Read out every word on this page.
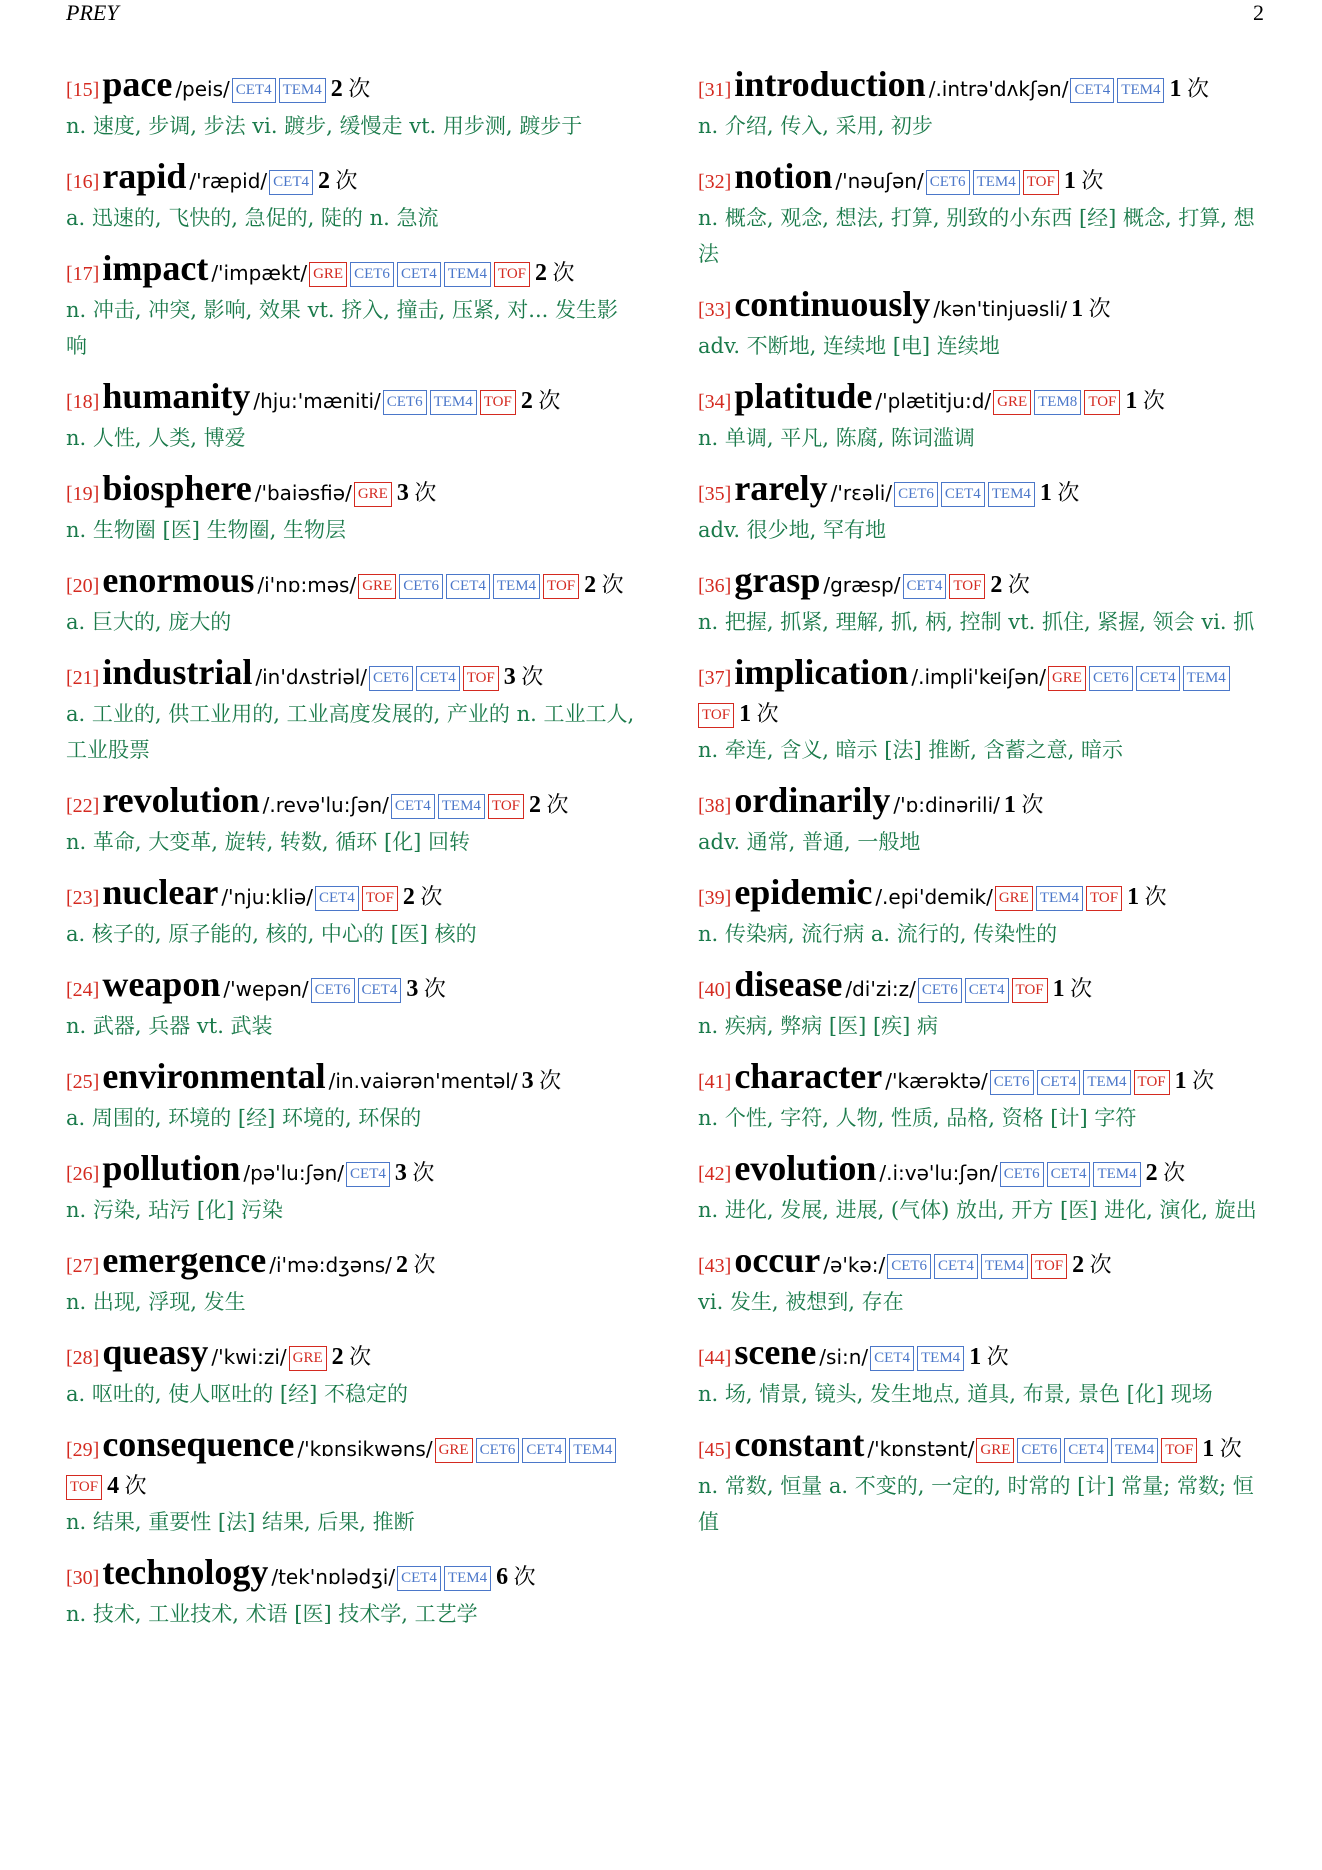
PREY	2
[15]pace /peis/ CET4 TEM4 2 次
n. 速度, 步调, 步法 vi. 踱步, 缓慢走 vt. 用步测, 踱步于
[16]rapid /'ræpid/ CET4 2 次
a. 迅速的, 飞快的, 急促的, 陡的 n. 急流
[17]impact /'impækt/ GRE CET6 CET4 TEM4 TOF 2 次
n. 冲击, 冲突, 影响, 效果 vt. 挤入, 撞击, 压紧, 对... 发生影响
[18]humanity /hju:'mæniti/ CET6 TEM4 TOF 2 次
n. 人性, 人类, 博爱
[19]biosphere /'baiəsfiə/ GRE 3 次
n. 生物圈 [医] 生物圈, 生物层
[20]enormous /i'nɒ:məs/ GRE CET6 CET4 TEM4 TOF 2 次
a. 巨大的, 庞大的
[21]industrial /in'dʌstriəl/ CET6 CET4 TOF 3 次
a. 工业的, 供工业用的, 工业高度发展的, 产业的 n. 工业工人, 工业股票
[22]revolution /.revə'lu:ʃən/ CET4 TEM4 TOF 2 次
n. 革命, 大变革, 旋转, 转数, 循环 [化] 回转
[23]nuclear /'nju:kliə/ CET4 TOF 2 次
a. 核子的, 原子能的, 核的, 中心的 [医] 核的
[24]weapon /'wepən/ CET6 CET4 3 次
n. 武器, 兵器 vt. 武装
[25]environmental /in.vaiərən'mentəl/ 3 次
a. 周围的, 环境的 [经] 环境的, 环保的
[26]pollution /pə'lu:ʃən/ CET4 3 次
n. 污染, 玷污 [化] 污染
[27]emergence /i'mə:dʒəns/ 2 次
n. 出现, 浮现, 发生
[28]queasy /'kwi:zi/ GRE 2 次
a. 呕吐的, 使人呕吐的 [经] 不稳定的
[29]consequence /'kɒnsikwəns/ GRE CET6 CET4 TEM4TOF 4 次
n. 结果, 重要性 [法] 结果, 后果, 推断
[30]technology /tek'nɒlədʒi/ CET4 TEM4 6 次
n. 技术, 工业技术, 术语 [医] 技术学, 工艺学
[31]introduction /.intrə'dʌkʃən/ CET4 TEM4 1 次
n. 介绍, 传入, 采用, 初步
[32]notion /'nəuʃən/ CET6 TEM4 TOF 1 次
n. 概念, 观念, 想法, 打算, 别致的小东西 [经] 概念, 打算, 想法
[33]continuously /kən'tinjuəsli/ 1 次
adv. 不断地, 连续地 [电] 连续地
[34]platitude /'plætitju:d/ GRE TEM8 TOF 1 次
n. 单调, 平凡, 陈腐, 陈词滥调
[35]rarely /'rɛəli/ CET6 CET4 TEM4 1 次
adv. 很少地, 罕有地
[36]grasp /græsp/ CET4 TOF 2 次
n. 把握, 抓紧, 理解, 抓, 柄, 控制 vt. 抓住, 紧握, 领会 vi. 抓
[37]implication /.impli'keiʃən/ GRE CET6 CET4 TEM4TOF 1 次
n. 牵连, 含义, 暗示 [法] 推断, 含蓄之意, 暗示
[38]ordinarily /'ɒ:dinərili/ 1 次
adv. 通常, 普通, 一般地
[39]epidemic /.epi'demik/ GRE TEM4 TOF 1 次
n. 传染病, 流行病 a. 流行的, 传染性的
[40]disease /di'zi:z/ CET6 CET4 TOF 1 次
n. 疾病, 弊病 [医] [疾] 病
[41]character /'kærəktə/ CET6 CET4 TEM4 TOF 1 次
n. 个性, 字符, 人物, 性质, 品格, 资格 [计] 字符
[42]evolution /.i:və'lu:ʃən/ CET6 CET4 TEM4 2 次
n. 进化, 发展, 进展, (气体) 放出, 开方 [医] 进化, 演化, 旋出
[43]occur /ə'kə:/ CET6 CET4 TEM4 TOF 2 次
vi. 发生, 被想到, 存在
[44]scene /si:n/ CET4 TEM4 1 次
n. 场, 情景, 镜头, 发生地点, 道具, 布景, 景色 [化] 现场
[45]constant /'kɒnstənt/ GRE CET6 CET4 TEM4 TOF 1 次
n. 常数, 恒量 a. 不变的, 一定的, 时常的 [计] 常量; 常数; 恒值
